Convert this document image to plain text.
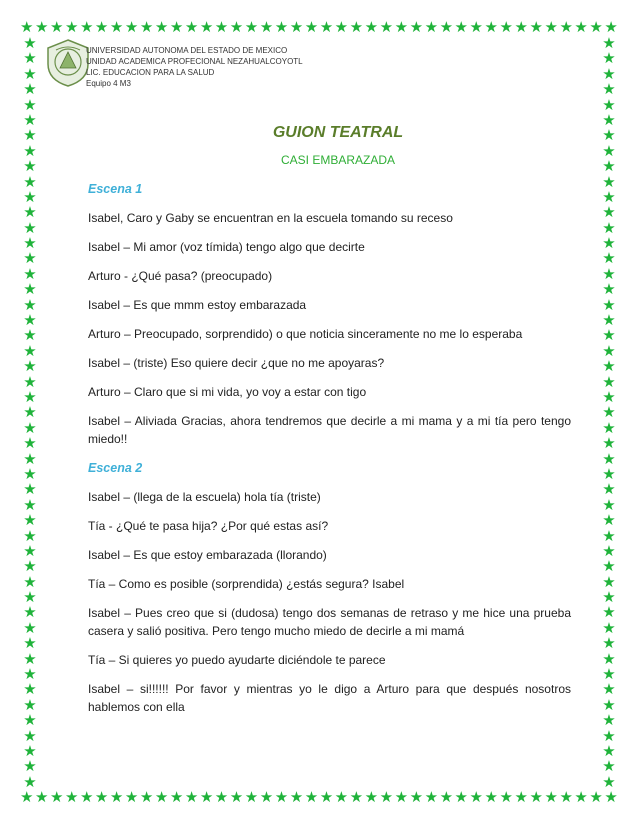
★ ★ ★ ★ ★ ★ ★ ★ ★ ★ ★ ★ ★ ★ ★ ★ ★ ★ ★ ★ ★ ★ ★ ★ ★ ★ ★ ★ ★ ★ ★ ★ ★ ★ ★ ★ ★ ★ ★ ★
★ ★ ★ ★ ★ ★ ★ ★ ★ ★ ★ ★ ★ ★ ★ ★ ★ ★ ★ ★ ★ ★ ★ ★ ★ ★ ★ ★ ★ ★ ★ ★ ★ ★ ★ ★ ★ ★ ★ ★
★
★
★
★
★
★
★
★
★
★
★
★
★
★
★
★
★
★
★
★
★
★
★
★
★
★
★
★
★
★
★
★
★
★
★
★
★
★
★
★
★
★
★
★
★
★
★
★
★
★
★
★
★
★
★
★
★
★
★
★
★
★
★
★
★
★
★
★
★
★
★
★
★
★
★
★
★
★
★
★
★
★
★
★
★
★
★
★
★
★
★
★
★
★
★
★
★
★
UNIVERSIDAD AUTONOMA DEL ESTADO DE MEXICO
UNIDAD ACADEMICA PROFECIONAL NEZAHUALCOYOTL
LIC. EDUCACION PARA LA SALUD
Equipo 4 M3
GUION TEATRAL
CASI EMBARAZADA

Escena 1

Isabel, Caro y Gaby se encuentran en la escuela tomando su receso

Isabel – Mi amor (voz tímida) tengo algo que decirte

Arturo - ¿Qué pasa? (preocupado)

Isabel – Es que mmm estoy embarazada

Arturo – Preocupado, sorprendido) o que noticia sinceramente no me lo esperaba

Isabel – (triste) Eso quiere decir ¿que no me apoyaras?

Arturo – Claro que si mi vida, yo voy a estar con tigo

Isabel – Aliviada Gracias, ahora tendremos que decirle a mi mama y a mi tía pero tengo miedo!!

Escena 2

Isabel – (llega de la escuela) hola tía (triste)

Tía - ¿Qué te pasa hija? ¿Por qué estas así?

Isabel – Es que estoy embarazada (llorando)

Tía – Como es posible (sorprendida) ¿estás segura? Isabel

Isabel – Pues creo que si (dudosa) tengo dos semanas de retraso y me hice una prueba casera y salió positiva. Pero tengo mucho miedo de decirle a mi mamá

Tía – Si quieres yo puedo ayudarte diciéndole te parece

Isabel – si!!!!!! Por favor y mientras yo le digo a Arturo para que después nosotros hablemos con ella
